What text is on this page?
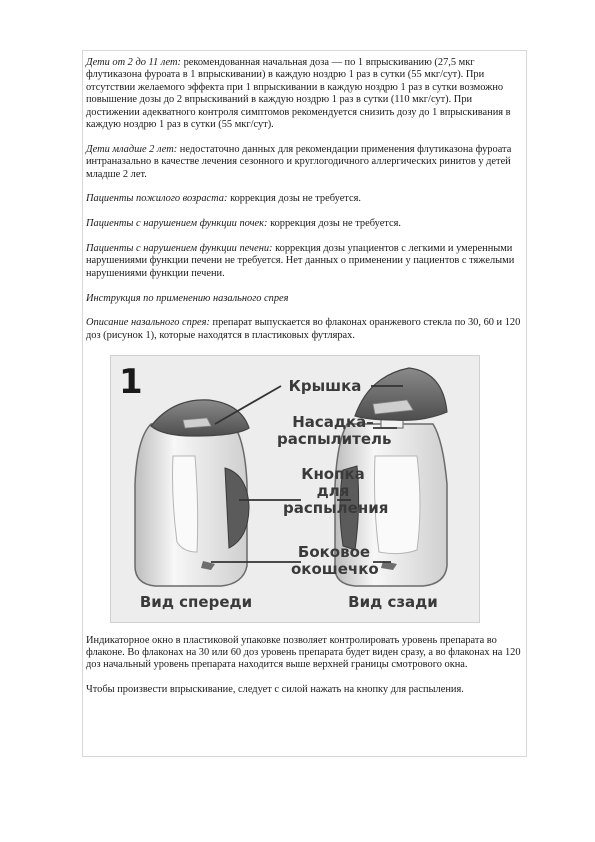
Дети от 2 до 11 лет: рекомендованная начальная доза — по 1 впрыскиванию (27,5 мкг флутиказона фуроата в 1 впрыскивании) в каждую ноздрю 1 раз в сутки (55 мкг/сут). При отсутствии желаемого эффекта при 1 впрыскивании в каждую ноздрю 1 раз в сутки возможно повышение дозы до 2 впрыскиваний в каждую ноздрю 1 раз в сутки (110 мкг/сут). При достижении адекватного контроля симптомов рекомендуется снизить дозу до 1 впрыскивания в каждую ноздрю 1 раз в сутки (55 мкг/сут).

Дети младше 2 лет: недостаточно данных для рекомендации применения флутиказона фуроата интраназально в качестве лечения сезонного и круглогодичного аллергических ринитов у детей младше 2 лет.

Пациенты пожилого возраста: коррекция дозы не требуется.

Пациенты с нарушением функции почек: коррекция дозы не требуется.

Пациенты с нарушением функции печени: коррекция дозы упациентов с легкими и умеренными нарушениями функции печени не требуется. Нет данных о применении у пациентов с тяжелыми нарушениями функции печени.

Инструкция по применению назального спрея

Описание назального спрея: препарат выпускается во флаконах оранжевого стекла по 30, 60 и 120 доз (рисунок 1), которые находятся в пластиковых футлярах.

1	Крышка
Насадка–
распылитель
Кнопка
для
распыления
Боковое
окошечко
Вид спереди	Вид сзади

Индикаторное окно в пластиковой упаковке позволяет контролировать уровень препарата во флаконе. Во флаконах на 30 или 60 доз уровень препарата будет виден сразу, а во флаконах на 120 доз начальный уровень препарата находится выше верхней границы смотрового окна.

Чтобы произвести впрыскивание, следует с силой нажать на кнопку для распыления.
